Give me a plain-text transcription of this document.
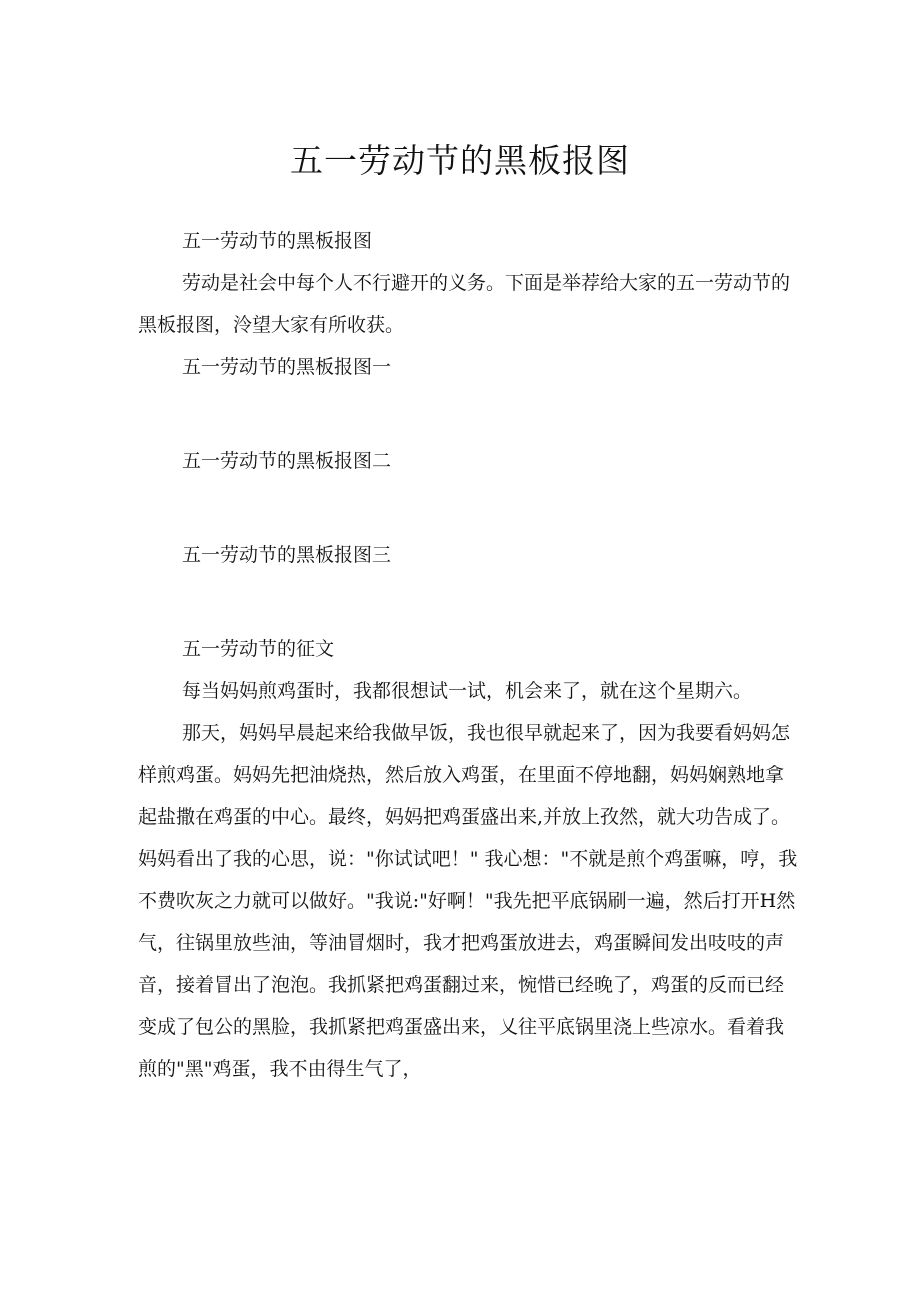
五一劳动节的黑板报图

五一劳动节的黑板报图

劳动是社会中每个人不行避开的义务。下面是举荐给大家的五一劳动节的黑板报图，泠望大家有所收获。

五一劳动节的黑板报图一

五一劳动节的黑板报图二

五一劳动节的黑板报图三

五一劳动节的征文

每当妈妈煎鸡蛋时，我都很想试一试，机会来了，就在这个星期六。

那天，妈妈早晨起来给我做早饭，我也很早就起来了，因为我要看妈妈怎样煎鸡蛋。妈妈先把油烧热，然后放入鸡蛋，在里面不停地翻，妈妈娴熟地拿起盐撒在鸡蛋的中心。最终，妈妈把鸡蛋盛出来,并放上孜然，就大功告成了。妈妈看出了我的心思，说："你试试吧！" 我心想："不就是煎个鸡蛋嘛，哼，我不费吹灰之力就可以做好。"我说:"好啊！"我先把平底锅刷一遍，然后打开H然气，往锅里放些油，等油冒烟时，我才把鸡蛋放进去，鸡蛋瞬间发出吱吱的声音，接着冒出了泡泡。我抓紧把鸡蛋翻过来，惋惜已经晚了，鸡蛋的反而已经变成了包公的黑脸，我抓紧把鸡蛋盛出来，乂往平底锅里浇上些凉水。看着我煎的"黑"鸡蛋，我不由得生气了，
